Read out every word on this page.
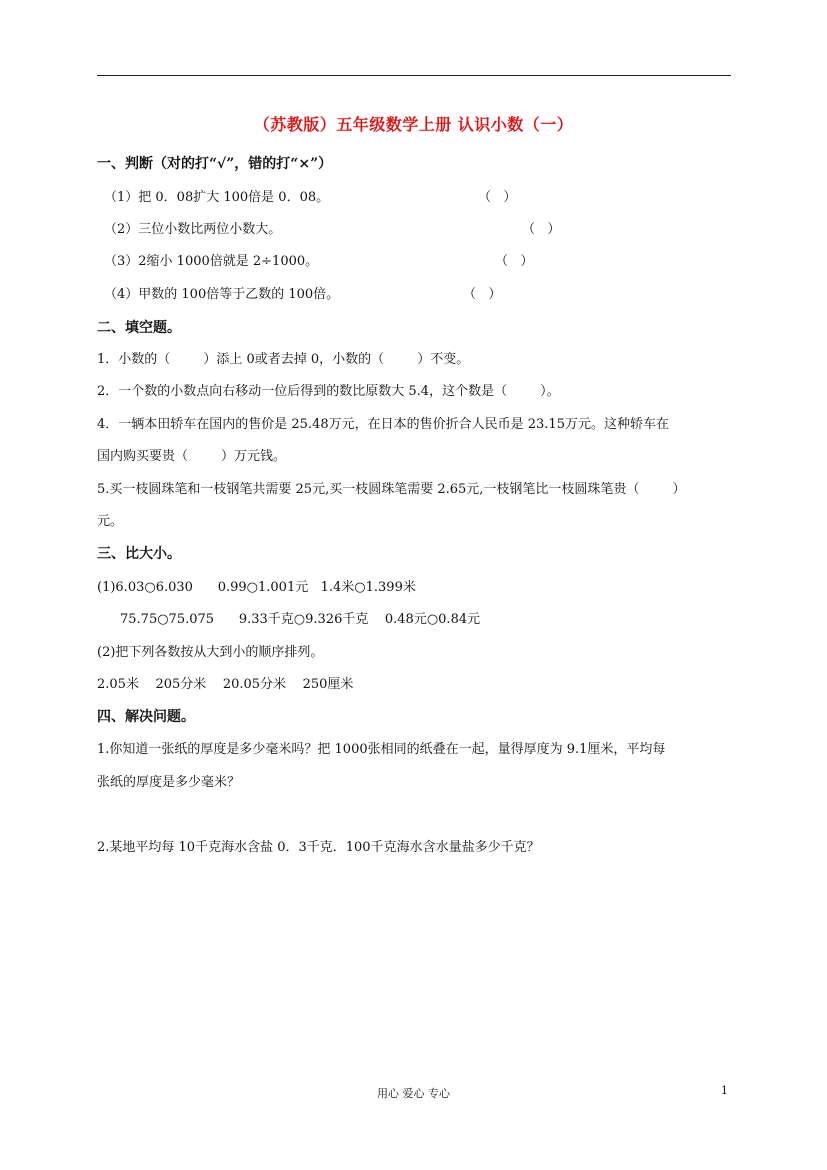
（苏教版）五年级数学上册 认识小数（一）
一、判断（对的打“√”，错的打“×”）
（1）把 0．08扩大 100倍是 0．08。	（   ）
（2）三位小数比两位小数大。	（   ）
（3）2缩小 1000倍就是 2÷1000。	（   ）
（4）甲数的 100倍等于乙数的 100倍。	（   ）
二、填空题。
1．小数的（        ）添上 0或者去掉 0，小数的（        ）不变。
2．一个数的小数点向右移动一位后得到的数比原数大 5.4，这个数是（        ）。
4．一辆本田轿车在国内的售价是 25.48万元，在日本的售价折合人民币是 23.15万元。这种轿车在
国内购买要贵（        ）万元钱。
5.买一枝圆珠笔和一枝钢笔共需要 25元,买一枝圆珠笔需要 2.65元,一枝钢笔比一枝圆珠笔贵（        ）
元。
三、比大小。
(1)6.03○6.030      0.99○1.001元   1.4米○1.399米
75.75○75.075      9.33千克○9.326千克    0.48元○0.84元
(2)把下列各数按从大到小的顺序排列。
2.05米    205分米    20.05分米    250厘米
四、解决问题。
1.你知道一张纸的厚度是多少毫米吗？把 1000张相同的纸叠在一起，量得厚度为 9.1厘米，平均每
张纸的厚度是多少毫米？
2.某地平均每 10千克海水含盐 0．3千克．100千克海水含水量盐多少千克？
用心 爱心 专心	1
